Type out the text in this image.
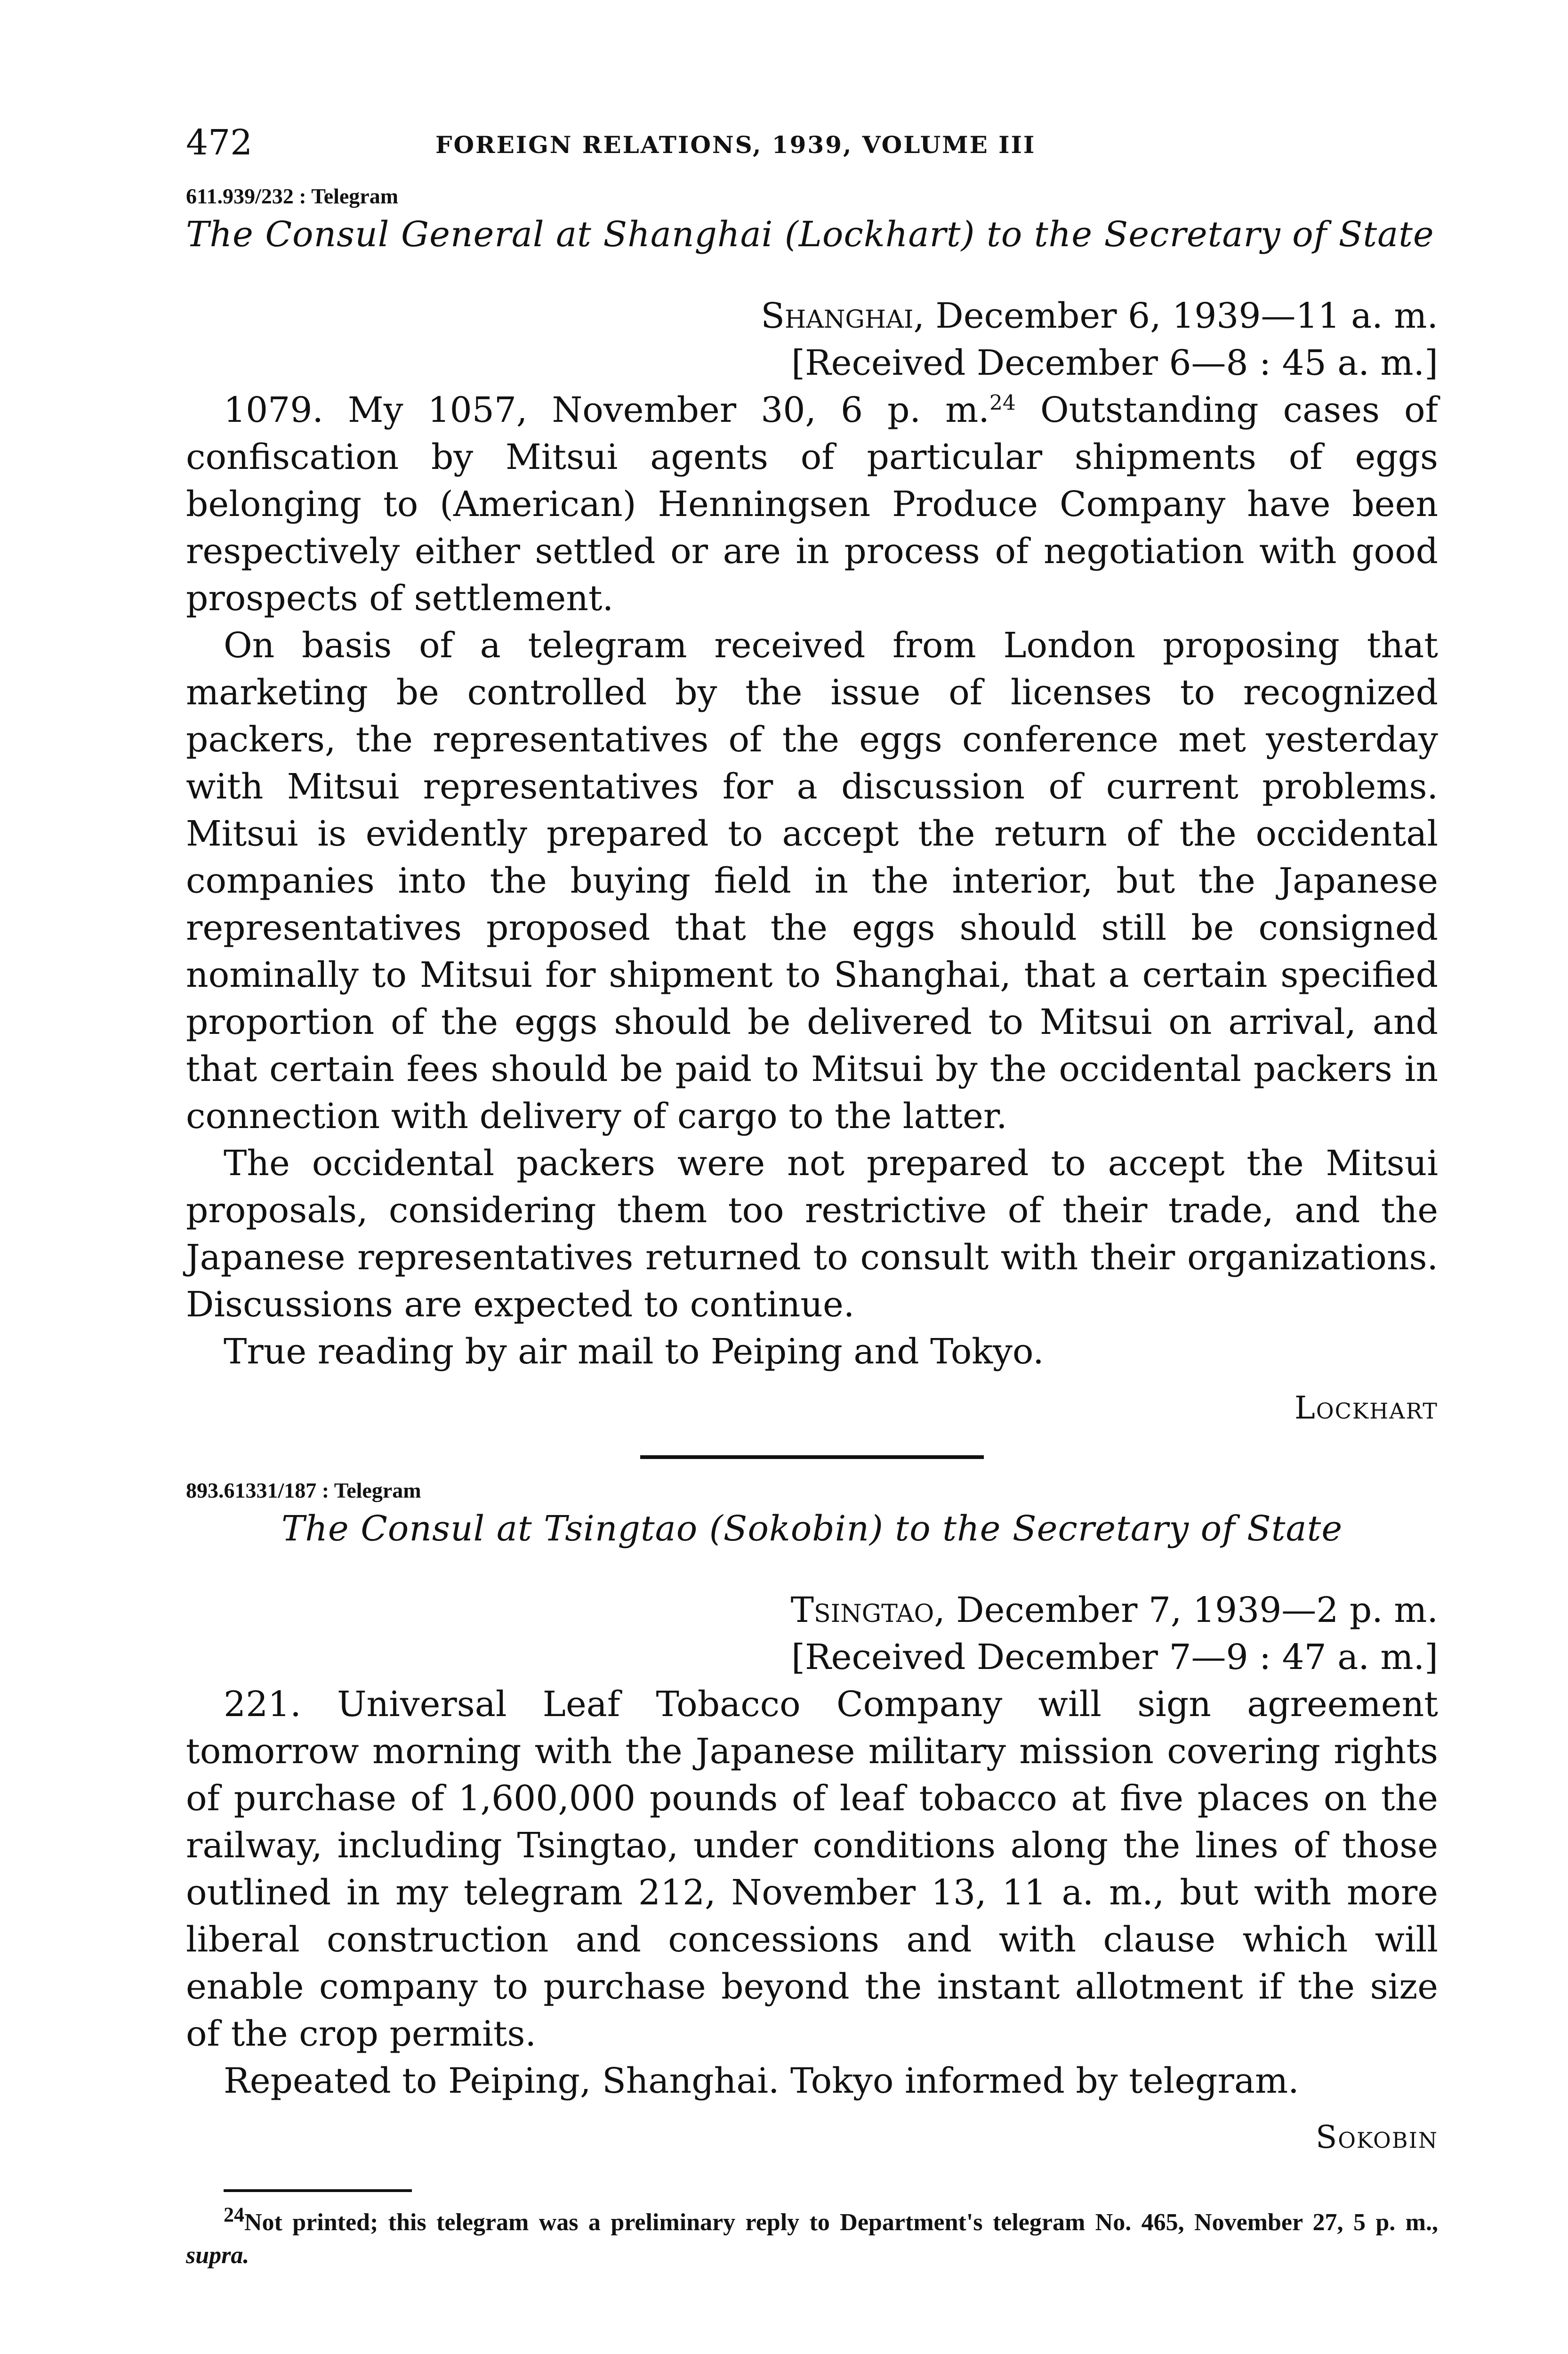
472	FOREIGN RELATIONS, 1939, VOLUME III
611.939/232 : Telegram
The Consul General at Shanghai (Lockhart) to the Secretary of State
Shanghai, December 6, 1939—11 a. m.
[Received December 6—8 : 45 a. m.]

1079. My 1057, November 30, 6 p. m.$^{24}$ Outstanding cases of confiscation by Mitsui agents of particular shipments of eggs belonging to (American) Henningsen Produce Company have been respectively either settled or are in process of negotiation with good prospects of settlement.

On basis of a telegram received from London proposing that marketing be controlled by the issue of licenses to recognized packers, the representatives of the eggs conference met yesterday with Mitsui representatives for a discussion of current problems. Mitsui is evidently prepared to accept the return of the occidental companies into the buying field in the interior, but the Japanese representatives proposed that the eggs should still be consigned nominally to Mitsui for shipment to Shanghai, that a certain specified proportion of the eggs should be delivered to Mitsui on arrival, and that certain fees should be paid to Mitsui by the occidental packers in connection with delivery of cargo to the latter.

The occidental packers were not prepared to accept the Mitsui proposals, considering them too restrictive of their trade, and the Japanese representatives returned to consult with their organizations. Discussions are expected to continue.

True reading by air mail to Peiping and Tokyo.

Lockhart
893.61331/187 : Telegram
The Consul at Tsingtao (Sokobin) to the Secretary of State
Tsingtao, December 7, 1939—2 p. m.
[Received December 7—9 : 47 a. m.]

221. Universal Leaf Tobacco Company will sign agreement tomorrow morning with the Japanese military mission covering rights of purchase of 1,600,000 pounds of leaf tobacco at five places on the railway, including Tsingtao, under conditions along the lines of those outlined in my telegram 212, November 13, 11 a. m., but with more liberal construction and concessions and with clause which will enable company to purchase beyond the instant allotment if the size of the crop permits.

Repeated to Peiping, Shanghai. Tokyo informed by telegram.

Sokobin

$^{24}$Not printed; this telegram was a preliminary reply to Department's telegram No. 465, November 27, 5 p. m., supra.
